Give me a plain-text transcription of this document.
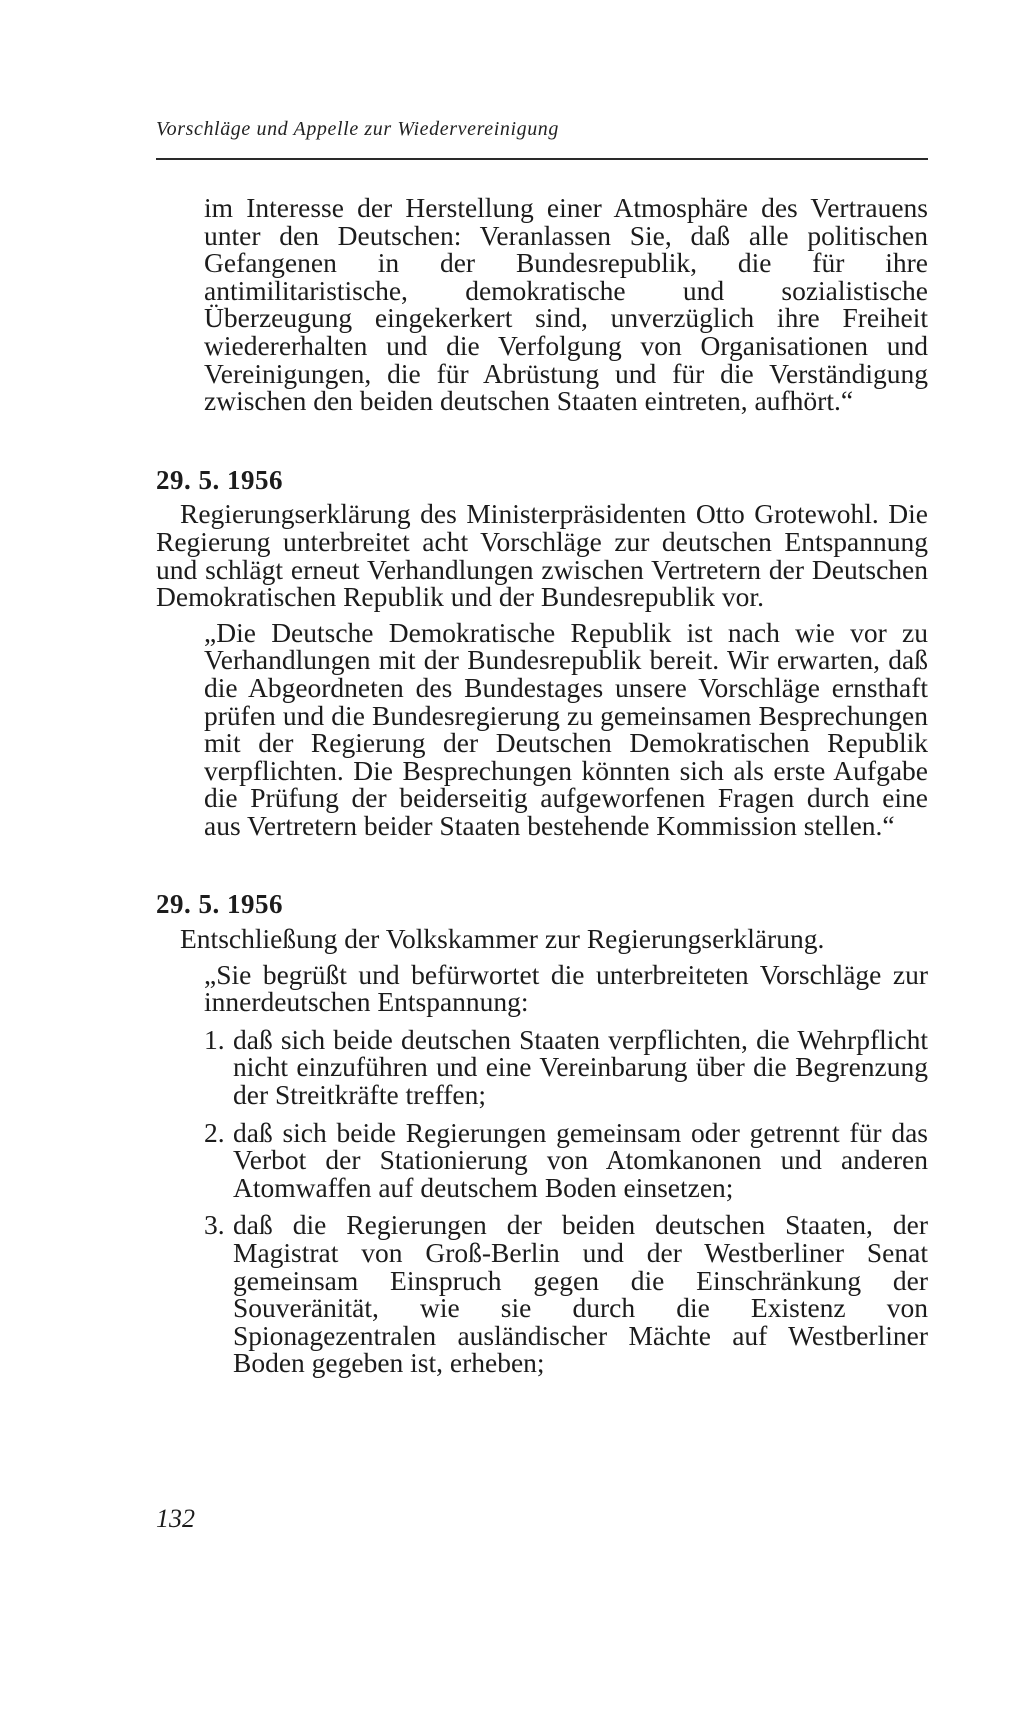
Vorschläge und Appelle zur Wiedervereinigung

im Interesse der Herstellung einer Atmosphäre des Vertrauens unter den Deutschen: Veranlassen Sie, daß alle politischen Gefangenen in der Bundesrepublik, die für ihre antimilitaristische, demokratische und sozialistische Überzeugung eingekerkert sind, unverzüglich ihre Freiheit wiedererhalten und die Verfolgung von Organisationen und Vereinigungen, die für Abrüstung und für die Verständigung zwischen den beiden deutschen Staaten eintreten, aufhört.“

29. 5. 1956

Regierungserklärung des Ministerpräsidenten Otto Grotewohl. Die Regierung unterbreitet acht Vorschläge zur deutschen Entspannung und schlägt erneut Verhandlungen zwischen Vertretern der Deutschen Demokratischen Republik und der Bundesrepublik vor.

„Die Deutsche Demokratische Republik ist nach wie vor zu Verhandlungen mit der Bundesrepublik bereit. Wir erwarten, daß die Abgeordneten des Bundestages unsere Vorschläge ernsthaft prüfen und die Bundesregierung zu gemeinsamen Besprechungen mit der Regierung der Deutschen Demokratischen Republik verpflichten. Die Besprechungen könnten sich als erste Aufgabe die Prüfung der beiderseitig aufgeworfenen Fragen durch eine aus Vertretern beider Staaten bestehende Kommission stellen.“

29. 5. 1956

Entschließung der Volkskammer zur Regierungserklärung.

„Sie begrüßt und befürwortet die unterbreiteten Vorschläge zur innerdeutschen Entspannung:

1. daß sich beide deutschen Staaten verpflichten, die Wehrpflicht nicht einzuführen und eine Vereinbarung über die Begrenzung der Streitkräfte treffen;
2. daß sich beide Regierungen gemeinsam oder getrennt für das Verbot der Stationierung von Atomkanonen und anderen Atomwaffen auf deutschem Boden einsetzen;
3. daß die Regierungen der beiden deutschen Staaten, der Magistrat von Groß-Berlin und der Westberliner Senat gemeinsam Einspruch gegen die Einschränkung der Souveränität, wie sie durch die Existenz von Spionagezentralen ausländischer Mächte auf Westberliner Boden gegeben ist, erheben;
132
